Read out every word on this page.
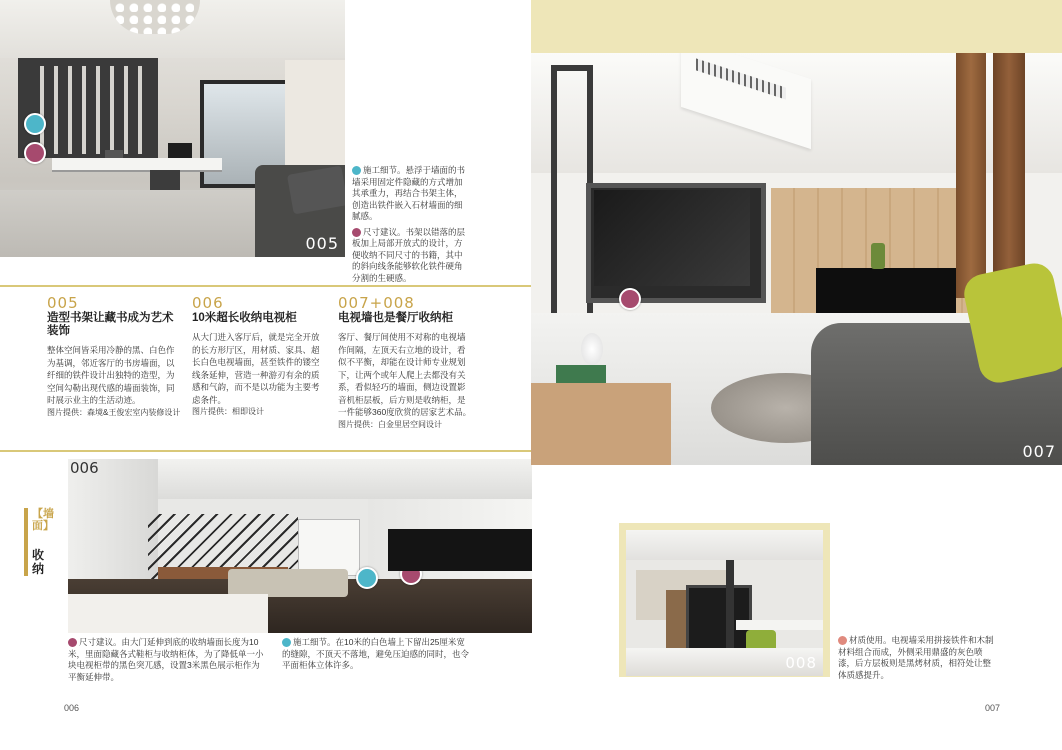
005
施工细节。悬浮于墙面的书墙采用固定件隐藏的方式增加其承重力，再结合书架主体，创造出铁件嵌入石材墙面的细腻感。
尺寸建议。书架以错落的层板加上局部开放式的设计，方便收纳不同尺寸的书籍，其中的斜向线条能够软化铁件硬角分割的生硬感。
005
造型书架让藏书成为艺术装饰
整体空间皆采用冷静的黑、白色作为基调，邻近客厅的书房墙面，以纤细的铁件设计出独特的造型，为空间勾勒出现代感的墙面装饰，同时展示业主的生活动迹。
图片提供：森境&王俊宏室内装修设计
006
10米超长收纳电视柜
从大门进入客厅后，就是完全开放的长方形厅区，用材质、家具、超长白色电视墙面，甚至铁件的镂空线条延伸，营造一种游刃有余的质感和气韵，而不是以功能为主要考虑条件。
图片提供：相即设计
007+008
电视墙也是餐厅收纳柜
客厅、餐厅间使用不对称的电视墙作间隔，左顶天右立地的设计，看似不平衡，却能在设计师专业规划下，让两个或年人爬上去都没有关系，看似轻巧的墙面，侧边设置影音机柜层板，后方则是收纳柜，是一件能够360度欣赏的居家艺术品。
图片提供：白金里居空间设计
【墙面】
收纳
006
尺寸建议。由大门延伸到底的收纳墙面长度为10米，里面隐藏各式鞋柜与收纳柜体，为了降低单一小块电视柜带的黑色突兀感，设置3米黑色展示柜作为平衡延伸带。
施工细节。在10米的白色墙上下留出25厘米宽的缝隙，不顶天不落地，避免压迫感的同时，也令平面柜体立体许多。
006
007
008
材质使用。电视墙采用拼接铁件和木制材料组合而成，外侧采用鼎盛的灰色喷漆，后方层板则是黑烤材质，相符处让整体质感提升。
007
